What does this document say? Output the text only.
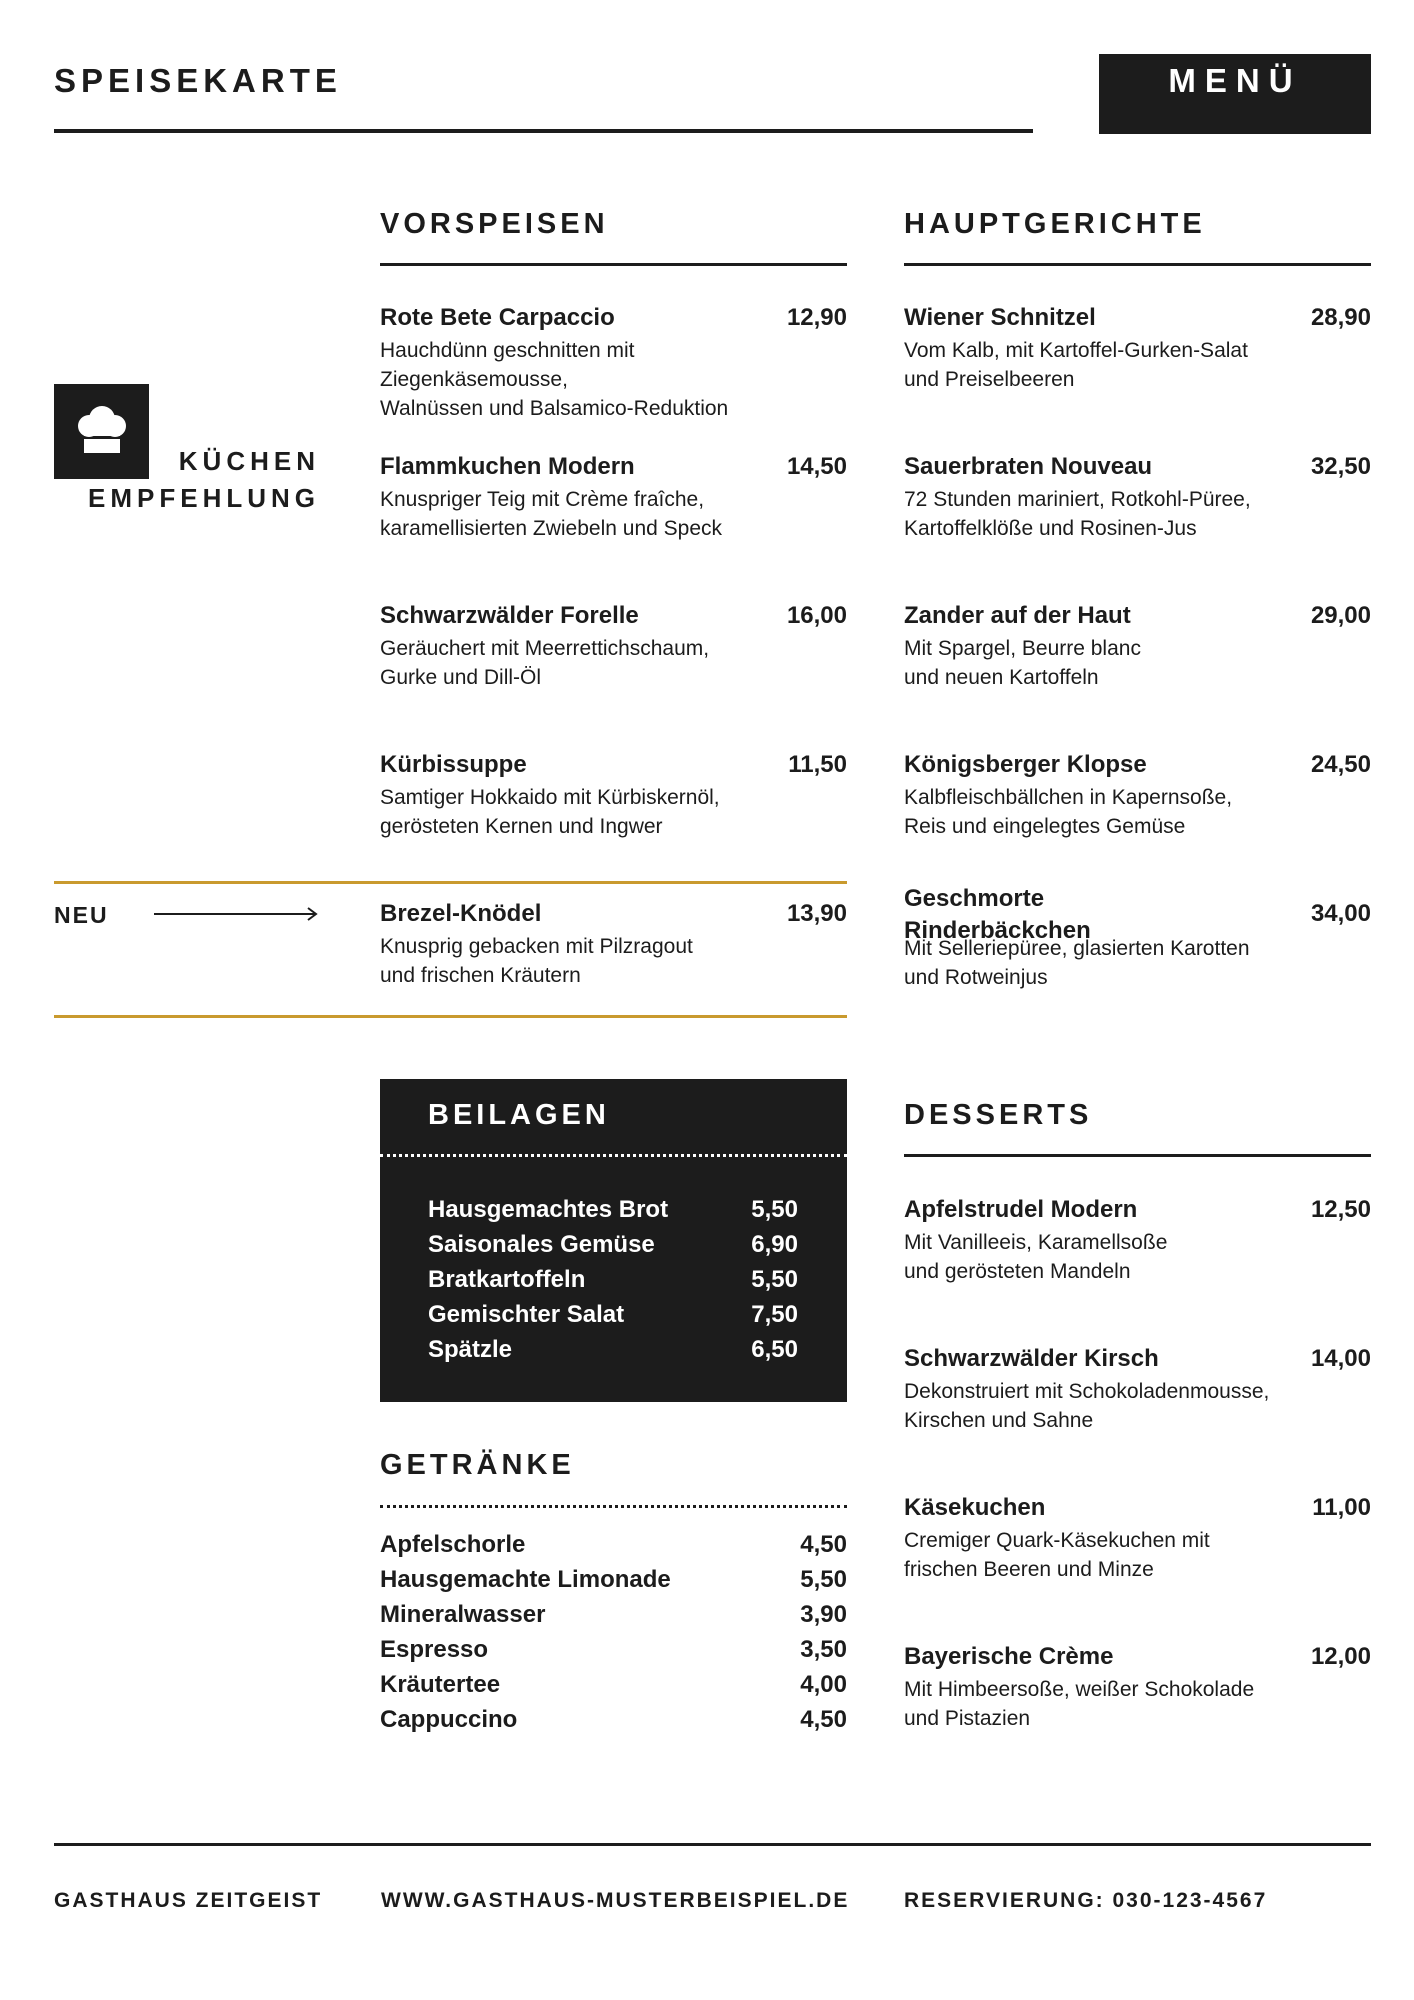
SPEISEKARTE	MENÜ
KÜCHEN
EMPFEHLUNG
VORSPEISEN
Rote Bete Carpaccio	12,90
Hauchdünn geschnitten mit
Ziegenkäsemousse,
Walnüssen und Balsamico-Reduktion
Flammkuchen Modern	14,50
Knuspriger Teig mit Crème fraîche,
karamellisierten Zwiebeln und Speck
Schwarzwälder Forelle	16,00
Geräuchert mit Meerrettichschaum,
Gurke und Dill-Öl
Kürbissuppe	11,50
Samtiger Hokkaido mit Kürbiskernöl,
gerösteten Kernen und Ingwer
NEU	Brezel-Knödel	13,90
Knusprig gebacken mit Pilzragout
und frischen Kräutern
HAUPTGERICHTE
Wiener Schnitzel	28,90
Vom Kalb, mit Kartoffel-Gurken-Salat
und Preiselbeeren
Sauerbraten Nouveau	32,50
72 Stunden mariniert, Rotkohl-Püree,
Kartoffelklöße und Rosinen-Jus
Zander auf der Haut	29,00
Mit Spargel, Beurre blanc
und neuen Kartoffeln
Königsberger Klopse	24,50
Kalbfleischbällchen in Kapernsoße,
Reis und eingelegtes Gemüse
Geschmorte
Rinderbäckchen
34,00
Mit Selleriepüree, glasierten Karotten
und Rotweinjus
BEILAGEN
Hausgemachtes Brot	5,50
Saisonales Gemüse	6,90
Bratkartoffeln	5,50
Gemischter Salat	7,50
Spätzle	6,50
GETRÄNKE
Apfelschorle	4,50
Hausgemachte Limonade	5,50
Mineralwasser	3,90
Espresso	3,50
Kräutertee	4,00
Cappuccino	4,50
DESSERTS
Apfelstrudel Modern	12,50
Mit Vanilleeis, Karamellsoße
und gerösteten Mandeln
Schwarzwälder Kirsch	14,00
Dekonstruiert mit Schokoladenmousse,
Kirschen und Sahne
Käsekuchen	11,00
Cremiger Quark-Käsekuchen mit
frischen Beeren und Minze
Bayerische Crème	12,00
Mit Himbeersoße, weißer Schokolade
und Pistazien
GASTHAUS ZEITGEIST	WWW.GASTHAUS-MUSTERBEISPIEL.DE	RESERVIERUNG: 030-123-4567
